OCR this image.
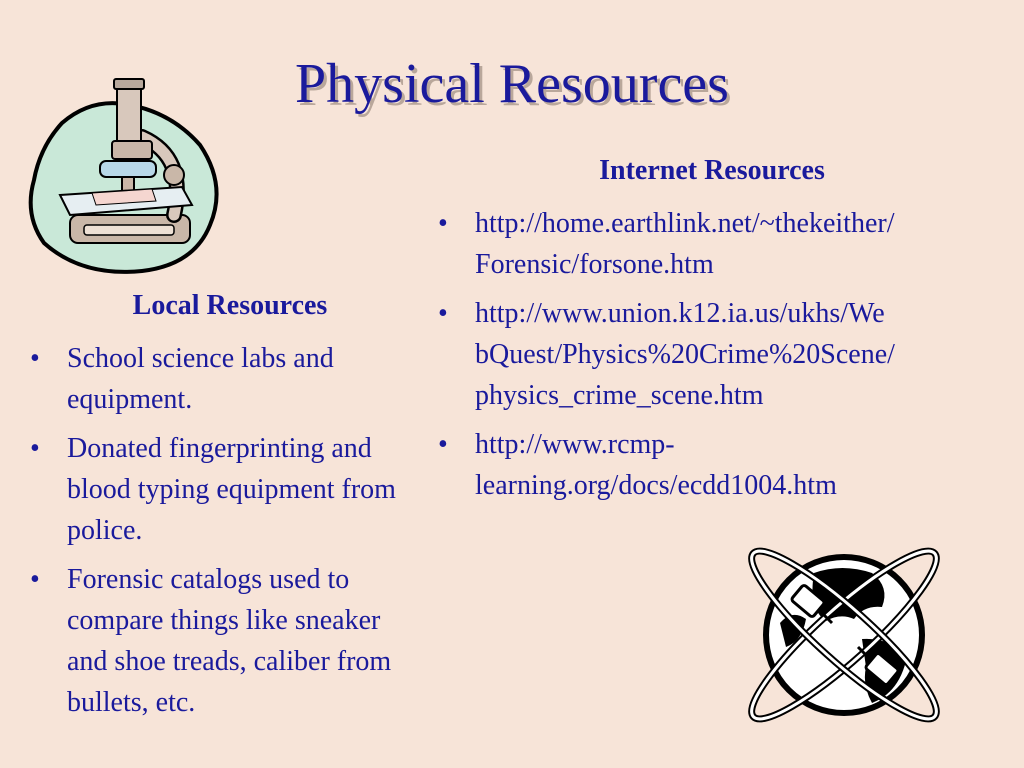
Physical Resources
Local Resources
• School science labs and equipment.
• Donated fingerprinting and blood typing equipment from police.
• Forensic catalogs used to compare things like sneaker and shoe treads, caliber from bullets, etc.
Internet Resources
• http://home.earthlink.net/~thekeither/ Forensic/forsone.htm
• http://www.union.k12.ia.us/ukhs/We bQuest/Physics%20Crime%20Scene/ physics_crime_scene.htm
• http://www.rcmp-learning.org/docs/ecdd1004.htm
